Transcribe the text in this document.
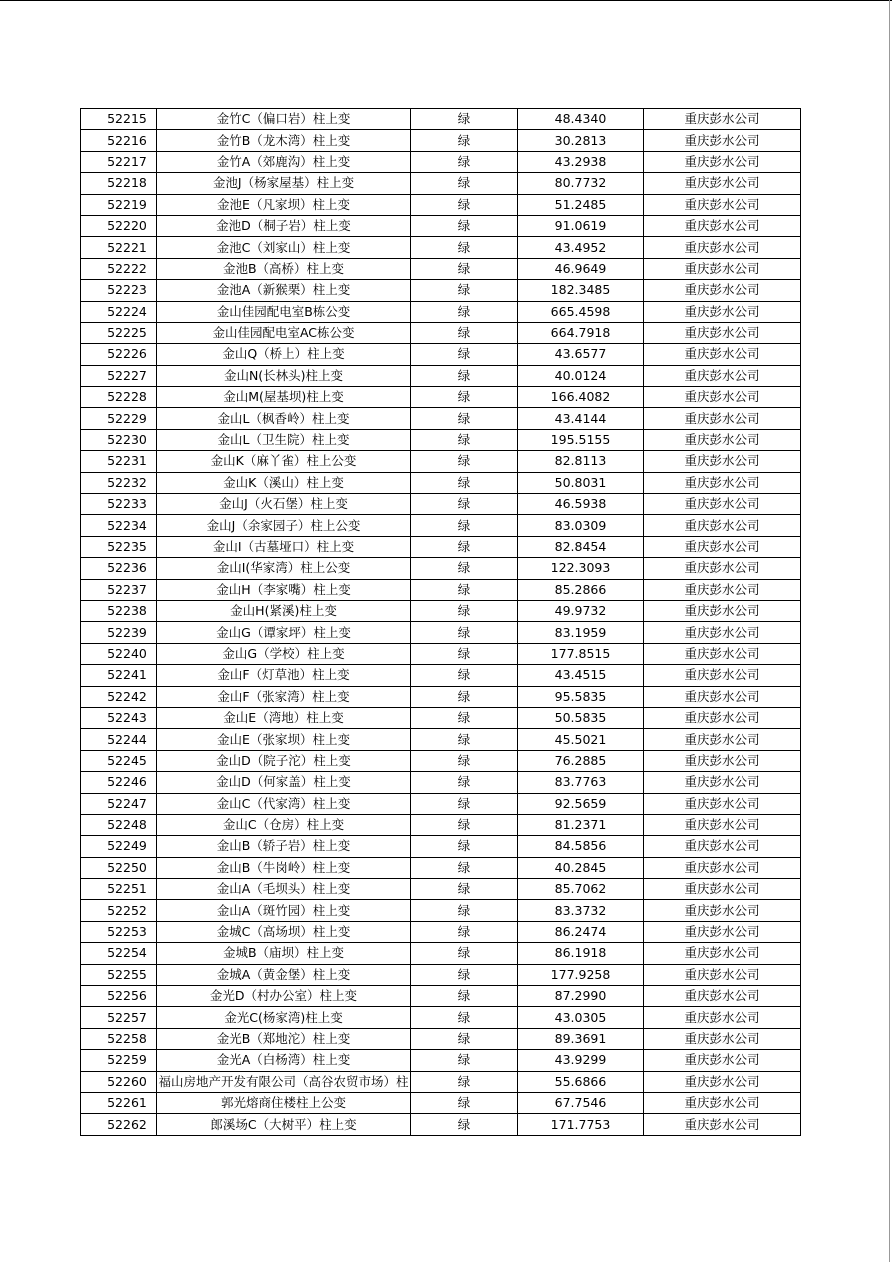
52215	金竹C（偏口岩）柱上变	绿	48.4340	重庆彭水公司
52216	金竹B（龙木湾）柱上变	绿	30.2813	重庆彭水公司
52217	金竹A（郊鹿沟）柱上变	绿	43.2938	重庆彭水公司
52218	金池J（杨家屋基）柱上变	绿	80.7732	重庆彭水公司
52219	金池E（凡家坝）柱上变	绿	51.2485	重庆彭水公司
52220	金池D（桐子岩）柱上变	绿	91.0619	重庆彭水公司
52221	金池C（刘家山）柱上变	绿	43.4952	重庆彭水公司
52222	金池B（高桥）柱上变	绿	46.9649	重庆彭水公司
52223	金池A（新猴栗）柱上变	绿	182.3485	重庆彭水公司
52224	金山佳园配电室B栋公变	绿	665.4598	重庆彭水公司
52225	金山佳园配电室AC栋公变	绿	664.7918	重庆彭水公司
52226	金山Q（桥上）柱上变	绿	43.6577	重庆彭水公司
52227	金山N(长林头)柱上变	绿	40.0124	重庆彭水公司
52228	金山M(屋基坝)柱上变	绿	166.4082	重庆彭水公司
52229	金山L（枫香岭）柱上变	绿	43.4144	重庆彭水公司
52230	金山L（卫生院）柱上变	绿	195.5155	重庆彭水公司
52231	金山K（麻丫雀）柱上公变	绿	82.8113	重庆彭水公司
52232	金山K（溪山）柱上变	绿	50.8031	重庆彭水公司
52233	金山J（火石堡）柱上变	绿	46.5938	重庆彭水公司
52234	金山J（余家园子）柱上公变	绿	83.0309	重庆彭水公司
52235	金山I（古墓垭口）柱上变	绿	82.8454	重庆彭水公司
52236	金山I(华家湾）柱上公变	绿	122.3093	重庆彭水公司
52237	金山H（李家嘴）柱上变	绿	85.2866	重庆彭水公司
52238	金山H(紧溪)柱上变	绿	49.9732	重庆彭水公司
52239	金山G（谭家坪）柱上变	绿	83.1959	重庆彭水公司
52240	金山G（学校）柱上变	绿	177.8515	重庆彭水公司
52241	金山F（灯草池）柱上变	绿	43.4515	重庆彭水公司
52242	金山F（张家湾）柱上变	绿	95.5835	重庆彭水公司
52243	金山E（湾地）柱上变	绿	50.5835	重庆彭水公司
52244	金山E（张家坝）柱上变	绿	45.5021	重庆彭水公司
52245	金山D（院子沱）柱上变	绿	76.2885	重庆彭水公司
52246	金山D（何家盖）柱上变	绿	83.7763	重庆彭水公司
52247	金山C（代家湾）柱上变	绿	92.5659	重庆彭水公司
52248	金山C（仓房）柱上变	绿	81.2371	重庆彭水公司
52249	金山B（轿子岩）柱上变	绿	84.5856	重庆彭水公司
52250	金山B（牛岗岭）柱上变	绿	40.2845	重庆彭水公司
52251	金山A（毛坝头）柱上变	绿	85.7062	重庆彭水公司
52252	金山A（斑竹园）柱上变	绿	83.3732	重庆彭水公司
52253	金城C（高场坝）柱上变	绿	86.2474	重庆彭水公司
52254	金城B（庙坝）柱上变	绿	86.1918	重庆彭水公司
52255	金城A（黄金堡）柱上变	绿	177.9258	重庆彭水公司
52256	金光D（村办公室）柱上变	绿	87.2990	重庆彭水公司
52257	金光C(杨家湾)柱上变	绿	43.0305	重庆彭水公司
52258	金光B（郑地沱）柱上变	绿	89.3691	重庆彭水公司
52259	金光A（白杨湾）柱上变	绿	43.9299	重庆彭水公司
52260	福山房地产开发有限公司（高谷农贸市场）柱	绿	55.6866	重庆彭水公司
52261	郭光熔商住楼柱上公变	绿	67.7546	重庆彭水公司
52262	郎溪场C（大树平）柱上变	绿	171.7753	重庆彭水公司
